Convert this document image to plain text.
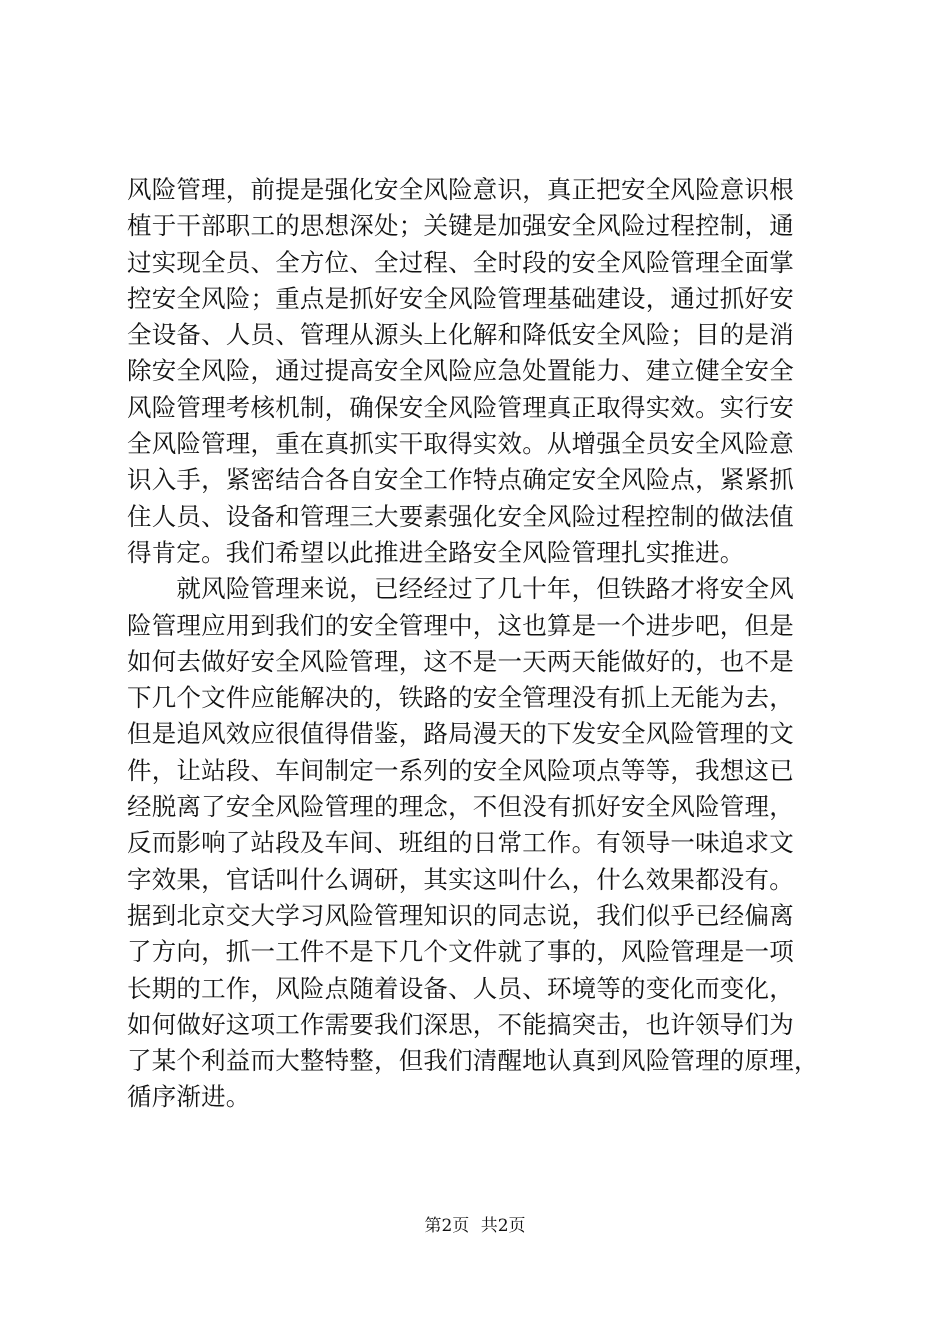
风险管理，前提是强化安全风险意识，真正把安全风险意识根
植于干部职工的思想深处；关键是加强安全风险过程控制，通
过实现全员、全方位、全过程、全时段的安全风险管理全面掌
控安全风险；重点是抓好安全风险管理基础建设，通过抓好安
全设备、人员、管理从源头上化解和降低安全风险；目的是消
除安全风险，通过提高安全风险应急处置能力、建立健全安全
风险管理考核机制，确保安全风险管理真正取得实效。实行安
全风险管理，重在真抓实干取得实效。从增强全员安全风险意
识入手，紧密结合各自安全工作特点确定安全风险点，紧紧抓
住人员、设备和管理三大要素强化安全风险过程控制的做法值
得肯定。我们希望以此推进全路安全风险管理扎实推进。
　　就风险管理来说，已经经过了几十年，但铁路才将安全风
险管理应用到我们的安全管理中，这也算是一个进步吧，但是
如何去做好安全风险管理，这不是一天两天能做好的，也不是
下几个文件应能解决的，铁路的安全管理没有抓上无能为去，
但是追风效应很值得借鉴，路局漫天的下发安全风险管理的文
件，让站段、车间制定一系列的安全风险项点等等，我想这已
经脱离了安全风险管理的理念，不但没有抓好安全风险管理，
反而影响了站段及车间、班组的日常工作。有领导一味追求文
字效果，官话叫什么调研，其实这叫什么，什么效果都没有。
据到北京交大学习风险管理知识的同志说，我们似乎已经偏离
了方向，抓一工件不是下几个文件就了事的，风险管理是一项
长期的工作，风险点随着设备、人员、环境等的变化而变化，
如何做好这项工作需要我们深思，不能搞突击，也许领导们为
了某个利益而大整特整，但我们清醒地认真到风险管理的原理，
循序渐进。
第2页 共2页
